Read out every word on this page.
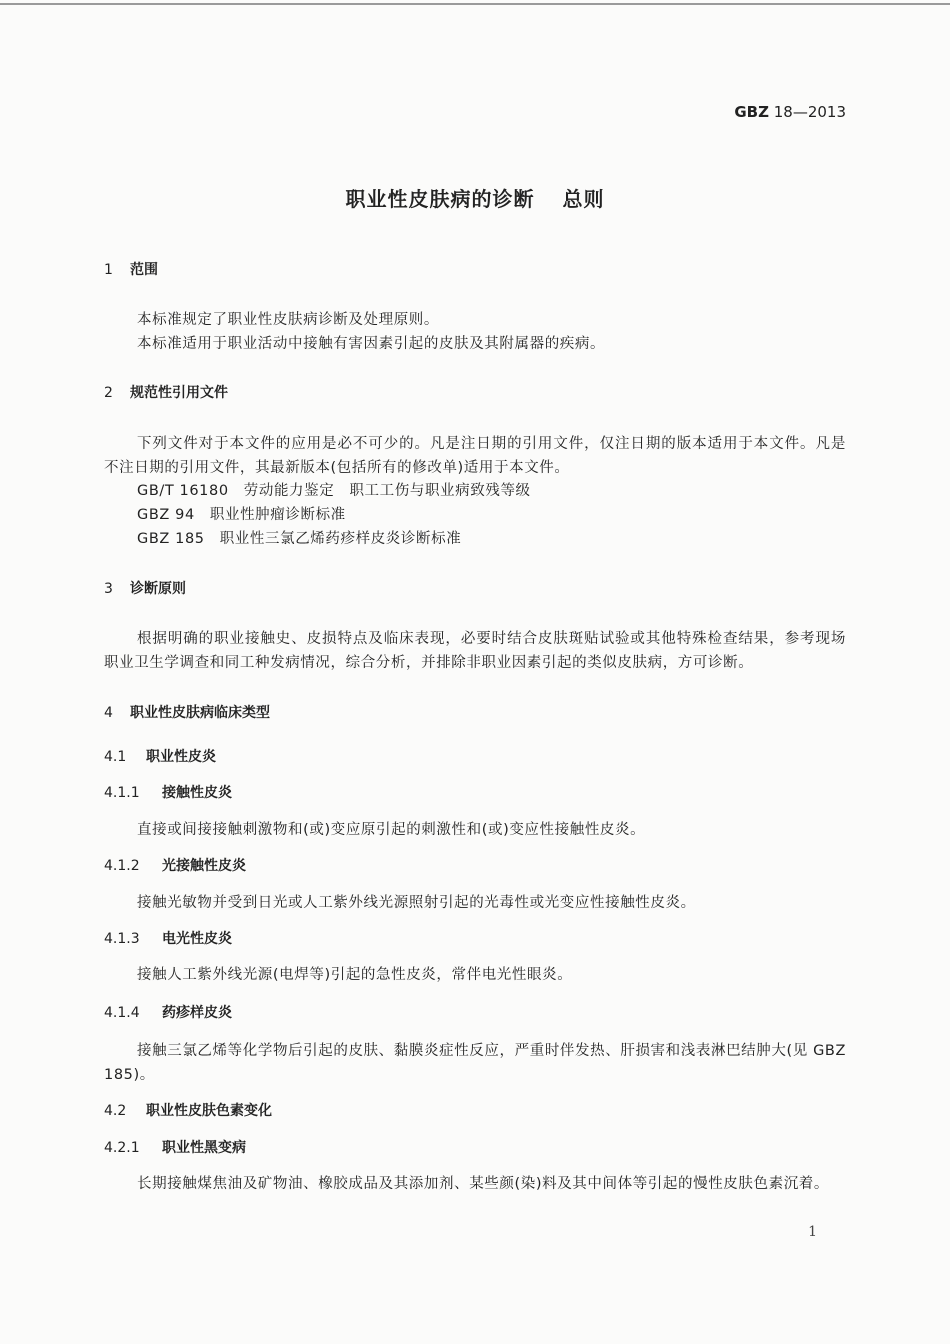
GBZ 18—2013
职业性皮肤病的诊断 总则
1 范围
本标准规定了职业性皮肤病诊断及处理原则。
本标准适用于职业活动中接触有害因素引起的皮肤及其附属器的疾病。
2 规范性引用文件
下列文件对于本文件的应用是必不可少的。凡是注日期的引用文件，仅注日期的版本适用于本文件。凡是不注日期的引用文件，其最新版本(包括所有的修改单)适用于本文件。
GB/T 16180　劳动能力鉴定　职工工伤与职业病致残等级
GBZ 94　职业性肿瘤诊断标准
GBZ 185　职业性三氯乙烯药疹样皮炎诊断标准
3 诊断原则
根据明确的职业接触史、皮损特点及临床表现，必要时结合皮肤斑贴试验或其他特殊检查结果，参考现场职业卫生学调查和同工种发病情况，综合分析，并排除非职业因素引起的类似皮肤病，方可诊断。
4 职业性皮肤病临床类型
4.1 职业性皮炎
4.1.1 接触性皮炎
直接或间接接触刺激物和(或)变应原引起的刺激性和(或)变应性接触性皮炎。
4.1.2 光接触性皮炎
接触光敏物并受到日光或人工紫外线光源照射引起的光毒性或光变应性接触性皮炎。
4.1.3 电光性皮炎
接触人工紫外线光源(电焊等)引起的急性皮炎，常伴电光性眼炎。
4.1.4 药疹样皮炎
接触三氯乙烯等化学物后引起的皮肤、黏膜炎症性反应，严重时伴发热、肝损害和浅表淋巴结肿大(见 GBZ 185)。
4.2 职业性皮肤色素变化
4.2.1 职业性黑变病
长期接触煤焦油及矿物油、橡胶成品及其添加剂、某些颜(染)料及其中间体等引起的慢性皮肤色素沉着。
1
